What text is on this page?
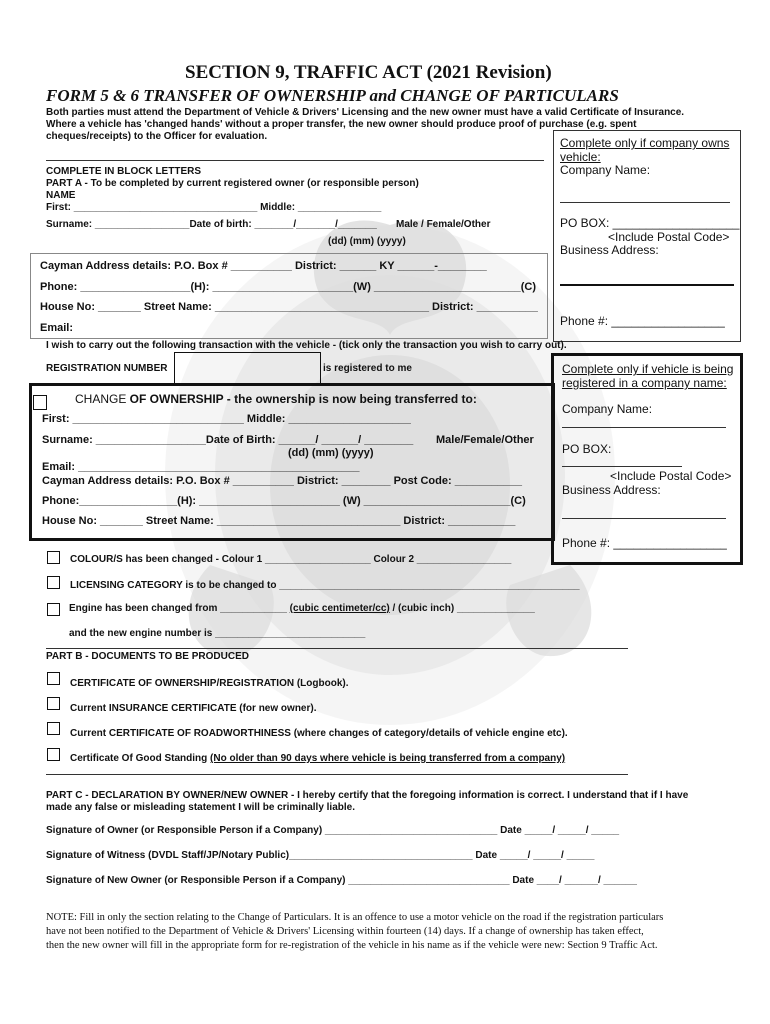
SECTION 9, TRAFFIC ACT (2021 Revision)
FORM 5 & 6 TRANSFER OF OWNERSHIP and CHANGE OF PARTICULARS
Both parties must attend the Department of Vehicle & Drivers' Licensing and the new owner must have a valid Certificate of Insurance.
Where a vehicle has 'changed hands' without a proper transfer, the new owner should produce proof of purchase (e.g. spent
cheques/receipts) to the Officer for evaluation.	Complete only if company owns vehicle:
Company Name:
PO BOX: ___________________
<Include Postal Code>
Business Address:
Phone #: _________________
COMPLETE IN BLOCK LETTERS
PART A - To be completed by current registered owner (or responsible person)
NAME
First: _________________________________ Middle: _______________
Surname: _________________Date of birth: _______/_______/_______ Male / Female/Other
(dd) (mm) (yyyy)
Cayman Address details: P.O. Box # __________ District: ______ KY ______-________
Phone: __________________(H): _______________________(W) ________________________(C)
House No: _______ Street Name: ___________________________________ District: __________
Email:
I wish to carry out the following transaction with the vehicle - (tick only the transaction you wish to carry out).
REGISTRATION NUMBER	is registered to me	Complete only if vehicle is being registered in a company name:
Company Name:
PO BOX:
<Include Postal Code>
Business Address:
Phone #: _________________
CHANGE OF OWNERSHIP - the ownership is now being transferred to:
First: ____________________________ Middle: ____________________
Surname: __________________Date of Birth: ______/ ______/ ________ Male/Female/Other
(dd) (mm) (yyyy)
Email: ______________________________________________
Cayman Address details: P.O. Box # __________ District: ________ Post Code: ___________
Phone:________________(H): _______________________ (W) ________________________(C)
House No: _______ Street Name: ______________________________ District: ___________
COLOUR/S has been changed - Colour 1 ___________________ Colour 2 _________________
LICENSING CATEGORY is to be changed to ______________________________________________________
Engine has been changed from ____________ (cubic centimeter/cc) / (cubic inch) ______________
and the new engine number is ___________________________
PART B - DOCUMENTS TO BE PRODUCED
CERTIFICATE OF OWNERSHIP/REGISTRATION (Logbook).
Current INSURANCE CERTIFICATE (for new owner).
Current CERTIFICATE OF ROADWORTHINESS (where changes of category/details of vehicle engine etc).
Certificate Of Good Standing (No older than 90 days where vehicle is being transferred from a company)
PART C - DECLARATION BY OWNER/NEW OWNER - I hereby certify that the foregoing information is correct. I understand that if I have
made any false or misleading statement I will be criminally liable.
Signature of Owner (or Responsible Person if a Company) _______________________________ Date _____/ _____/ _____
Signature of Witness (DVDL Staff/JP/Notary Public)_________________________________ Date _____/ _____/ _____
Signature of New Owner (or Responsible Person if a Company) _____________________________ Date ____/ ______/ ______
NOTE: Fill in only the section relating to the Change of Particulars. It is an offence to use a motor vehicle on the road if the registration particulars
have not been notified to the Department of Vehicle & Drivers' Licensing within fourteen (14) days. If a change of ownership has taken effect,
then the new owner will fill in the appropriate form for re-registration of the vehicle in his name as if the vehicle were new: Section 9 Traffic Act.
